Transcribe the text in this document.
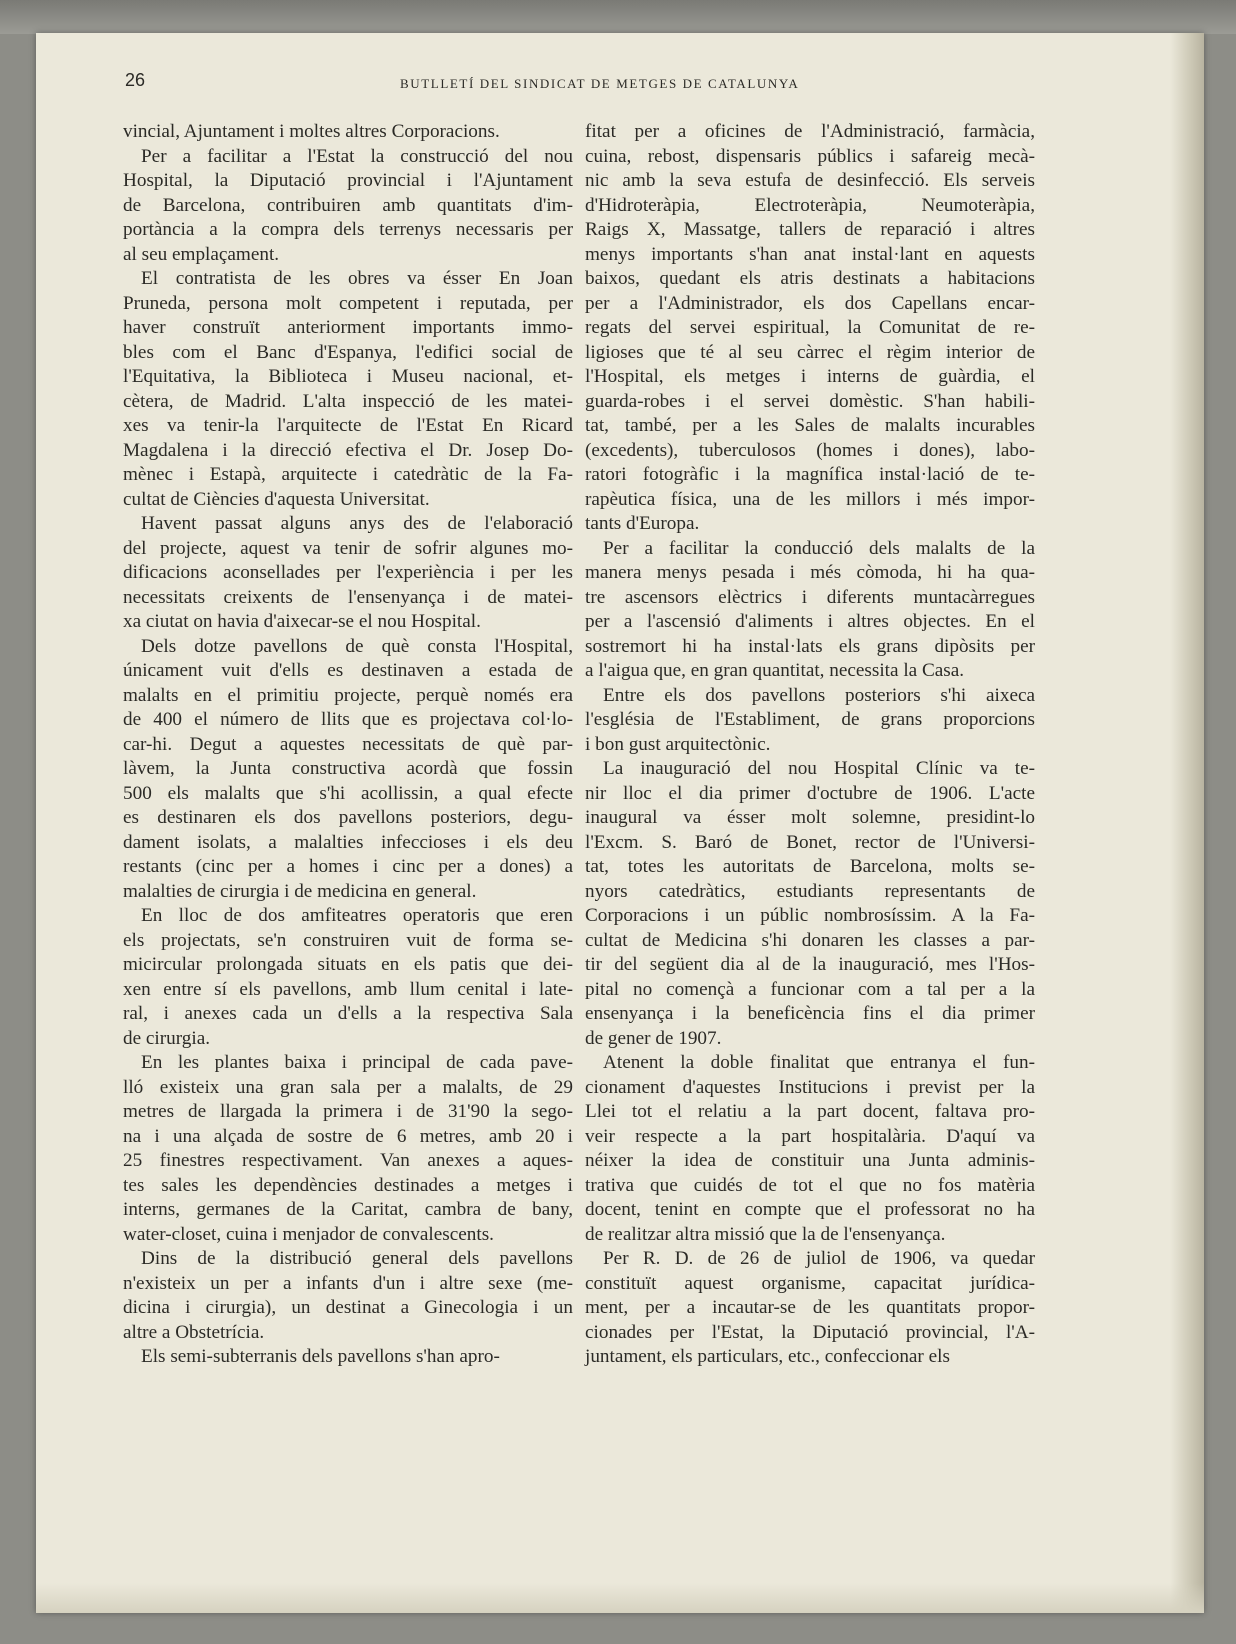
26	BUTLLETÍ DEL SINDICAT DE METGES DE CATALUNYA

vincial, Ajuntament i moltes altres Corporacions.

Per a facilitar a l'Estat la construcció del nou
Hospital, la Diputació provincial i l'Ajuntament
de Barcelona, contribuiren amb quantitats d'im-
portància a la compra dels terrenys necessaris per
al seu emplaçament.

El contratista de les obres va ésser En Joan
Pruneda, persona molt competent i reputada, per
haver construït anteriorment importants immo-
bles com el Banc d'Espanya, l'edifici social de
l'Equitativa, la Biblioteca i Museu nacional, et-
cètera, de Madrid. L'alta inspecció de les matei-
xes va tenir-la l'arquitecte de l'Estat En Ricard
Magdalena i la direcció efectiva el Dr. Josep Do-
mènec i Estapà, arquitecte i catedràtic de la Fa-
cultat de Ciències d'aquesta Universitat.

Havent passat alguns anys des de l'elaboració
del projecte, aquest va tenir de sofrir algunes mo-
dificacions aconsellades per l'experiència i per les
necessitats creixents de l'ensenyança i de matei-
xa ciutat on havia d'aixecar-se el nou Hospital.

Dels dotze pavellons de què consta l'Hospital,
únicament vuit d'ells es destinaven a estada de
malalts en el primitiu projecte, perquè només era
de 400 el número de llits que es projectava col·lo-
car-hi. Degut a aquestes necessitats de què par-
làvem, la Junta constructiva acordà que fossin
500 els malalts que s'hi acollissin, a qual efecte
es destinaren els dos pavellons posteriors, degu-
dament isolats, a malalties infeccioses i els deu
restants (cinc per a homes i cinc per a dones) a
malalties de cirurgia i de medicina en general.

En lloc de dos amfiteatres operatoris que eren
els projectats, se'n construiren vuit de forma se-
micircular prolongada situats en els patis que dei-
xen entre sí els pavellons, amb llum cenital i late-
ral, i anexes cada un d'ells a la respectiva Sala
de cirurgia.

En les plantes baixa i principal de cada pave-
lló existeix una gran sala per a malalts, de 29
metres de llargada la primera i de 31'90 la sego-
na i una alçada de sostre de 6 metres, amb 20 i
25 finestres respectivament. Van anexes a aques-
tes sales les dependències destinades a metges i
interns, germanes de la Caritat, cambra de bany,
water-closet, cuina i menjador de convalescents.

Dins de la distribució general dels pavellons
n'existeix un per a infants d'un i altre sexe (me-
dicina i cirurgia), un destinat a Ginecologia i un
altre a Obstetrícia.

Els semi-subterranis dels pavellons s'han apro-

fitat per a oficines de l'Administració, farmàcia,
cuina, rebost, dispensaris públics i safareig mecà-
nic amb la seva estufa de desinfecció. Els serveis
d'Hidroteràpia, Electroteràpia, Neumoteràpia,
Raigs X, Massatge, tallers de reparació i altres
menys importants s'han anat instal·lant en aquests
baixos, quedant els atris destinats a habitacions
per a l'Administrador, els dos Capellans encar-
regats del servei espiritual, la Comunitat de re-
ligioses que té al seu càrrec el règim interior de
l'Hospital, els metges i interns de guàrdia, el
guarda-robes i el servei domèstic. S'han habili-
tat, també, per a les Sales de malalts incurables
(excedents), tuberculosos (homes i dones), labo-
ratori fotogràfic i la magnífica instal·lació de te-
rapèutica física, una de les millors i més impor-
tants d'Europa.

Per a facilitar la conducció dels malalts de la
manera menys pesada i més còmoda, hi ha qua-
tre ascensors elèctrics i diferents muntacàrregues
per a l'ascensió d'aliments i altres objectes. En el
sostremort hi ha instal·lats els grans dipòsits per
a l'aigua que, en gran quantitat, necessita la Casa.

Entre els dos pavellons posteriors s'hi aixeca
l'església de l'Establiment, de grans proporcions
i bon gust arquitectònic.

La inauguració del nou Hospital Clínic va te-
nir lloc el dia primer d'octubre de 1906. L'acte
inaugural va ésser molt solemne, presidint-lo
l'Excm. S. Baró de Bonet, rector de l'Universi-
tat, totes les autoritats de Barcelona, molts se-
nyors catedràtics, estudiants representants de
Corporacions i un públic nombrosíssim. A la Fa-
cultat de Medicina s'hi donaren les classes a par-
tir del següent dia al de la inauguració, mes l'Hos-
pital no començà a funcionar com a tal per a la
ensenyança i la beneficència fins el dia primer
de gener de 1907.

Atenent la doble finalitat que entranya el fun-
cionament d'aquestes Institucions i previst per la
Llei tot el relatiu a la part docent, faltava pro-
veir respecte a la part hospitalària. D'aquí va
néixer la idea de constituir una Junta adminis-
trativa que cuidés de tot el que no fos matèria
docent, tenint en compte que el professorat no ha
de realitzar altra missió que la de l'ensenyança.

Per R. D. de 26 de juliol de 1906, va quedar
constituït aquest organisme, capacitat jurídica-
ment, per a incautar-se de les quantitats propor-
cionades per l'Estat, la Diputació provincial, l'A-
juntament, els particulars, etc., confeccionar els
